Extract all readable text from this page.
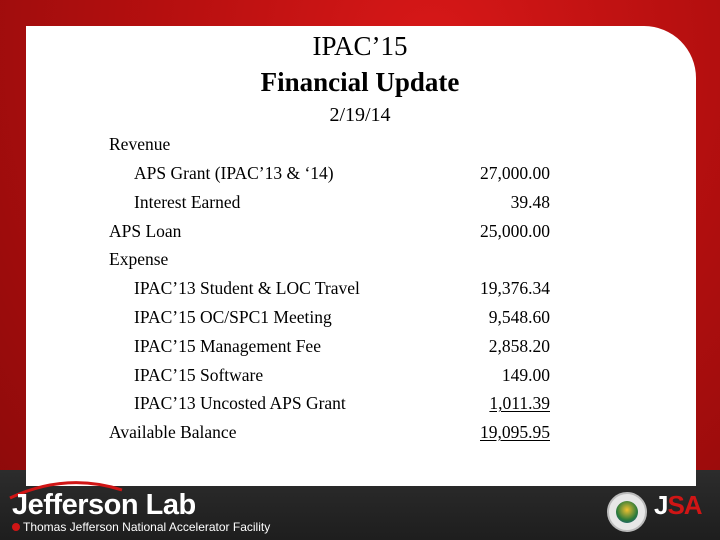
IPAC’15
Financial Update
2/19/14
Revenue
APS Grant (IPAC’13 & ‘14)	27,000.00
Interest Earned	39.48
APS Loan	25,000.00
Expense
IPAC’13 Student & LOC Travel	19,376.34
IPAC’15 OC/SPC1 Meeting	9,548.60
IPAC’15 Management Fee	2,858.20
IPAC’15 Software	149.00
IPAC’13 Uncosted APS Grant	1,011.39
Available Balance	19,095.95
Jefferson Lab
Thomas Jefferson National Accelerator Facility
JSA
